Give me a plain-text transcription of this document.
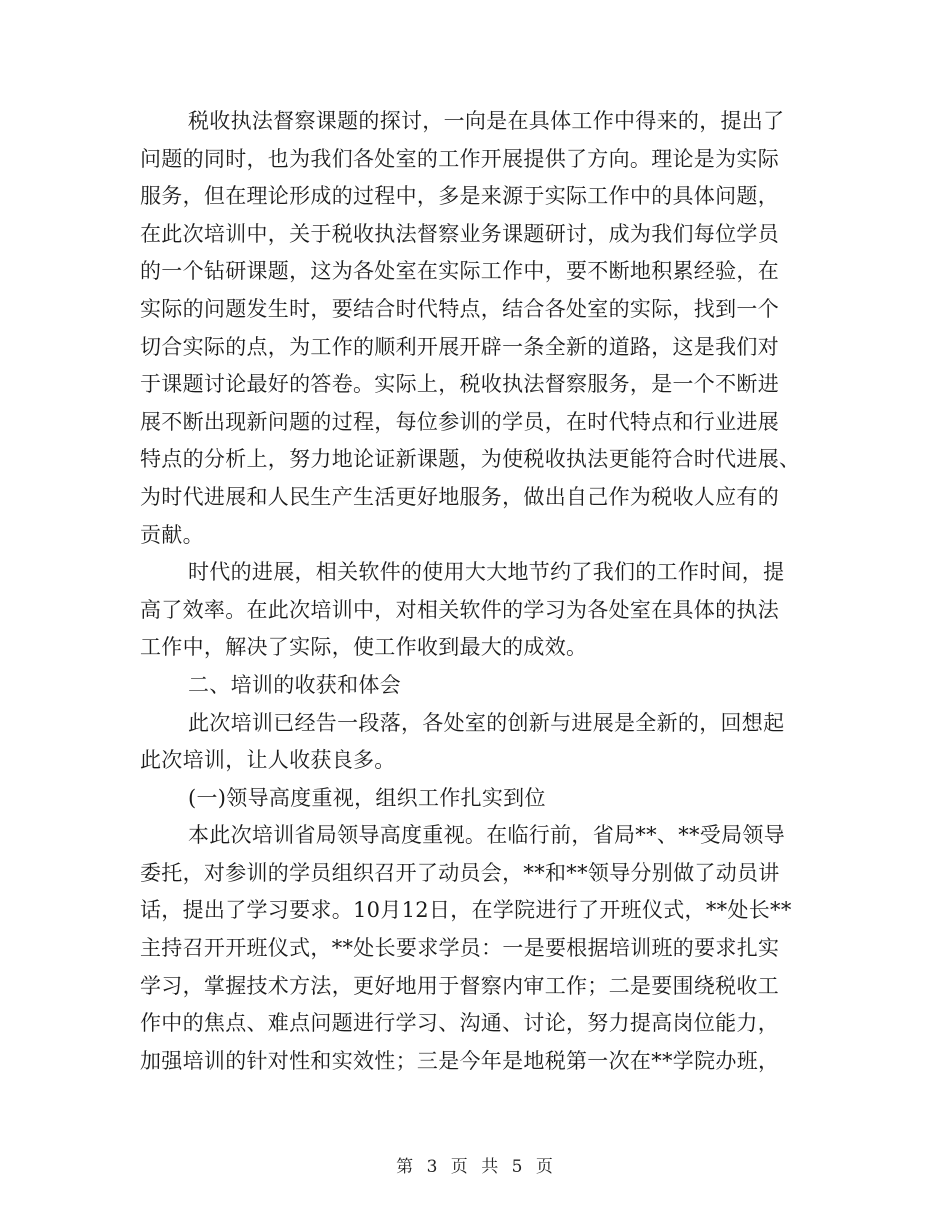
税收执法督察课题的探讨，一向是在具体工作中得来的，提出了
问题的同时，也为我们各处室的工作开展提供了方向。理论是为实际
服务，但在理论形成的过程中，多是来源于实际工作中的具体问题，
在此次培训中，关于税收执法督察业务课题研讨，成为我们每位学员
的一个钻研课题，这为各处室在实际工作中，要不断地积累经验，在
实际的问题发生时，要结合时代特点，结合各处室的实际，找到一个
切合实际的点，为工作的顺利开展开辟一条全新的道路，这是我们对
于课题讨论最好的答卷。实际上，税收执法督察服务，是一个不断进
展不断出现新问题的过程，每位参训的学员，在时代特点和行业进展
特点的分析上，努力地论证新课题，为使税收执法更能符合时代进展、
为时代进展和人民生产生活更好地服务，做出自己作为税收人应有的
贡献。

时代的进展，相关软件的使用大大地节约了我们的工作时间，提
高了效率。在此次培训中，对相关软件的学习为各处室在具体的执法
工作中，解决了实际，使工作收到最大的成效。

二、培训的收获和体会

此次培训已经告一段落，各处室的创新与进展是全新的，回想起
此次培训，让人收获良多。

(一)领导高度重视，组织工作扎实到位

本此次培训省局领导高度重视。在临行前，省局**、**受局领导
委托，对参训的学员组织召开了动员会，**和**领导分别做了动员讲
话，提出了学习要求。10月12日，在学院进行了开班仪式，**处长**
主持召开开班仪式，**处长要求学员：一是要根据培训班的要求扎实
学习，掌握技术方法，更好地用于督察内审工作；二是要围绕税收工
作中的焦点、难点问题进行学习、沟通、讨论，努力提高岗位能力，
加强培训的针对性和实效性；三是今年是地税第一次在**学院办班，

第 3 页 共 5 页
